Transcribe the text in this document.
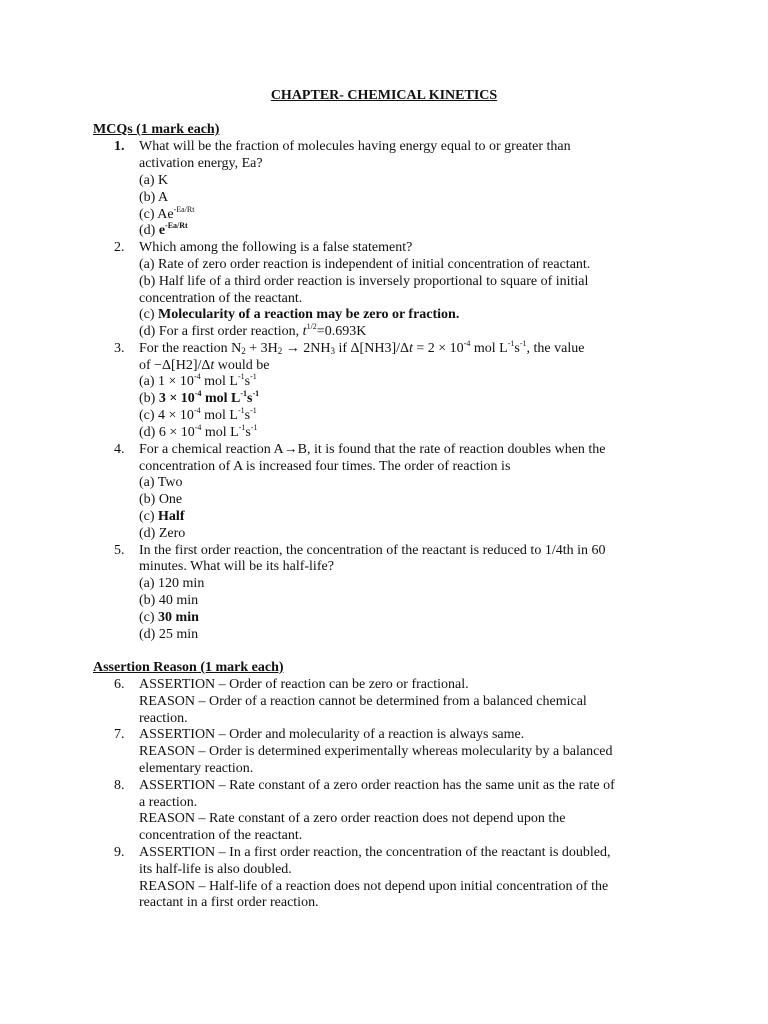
CHAPTER- CHEMICAL KINETICS
MCQs (1 mark each)
1.	What will be the fraction of molecules having energy equal to or greater than
activation energy, Ea?
(a) K
(b) A
(c) $Ae^{-Ea/Rt}$
(d) $e^{-Ea/Rt}$
2.	Which among the following is a false statement?
(a) Rate of zero order reaction is independent of initial concentration of reactant.
(b) Half life of a third order reaction is inversely proportional to square of initial
concentration of the reactant.
(c) Molecularity of a reaction may be zero or fraction.
(d) For a first order reaction, $t^{1/2}=0.693K$
3.	For the reaction $N_2 + 3H_2 \to 2NH_3$ if $\Delta[NH3]/\Delta t = 2 \times 10^{-4}$ mol $L^{-1}s^{-1}$, the value
of −Δ[H2]/Δt would be
(a) $1 \times 10^{-4}$ mol $L^{-1}s^{-1}$
(b) $3 \times 10^{-4}$ mol $L^{-1}s^{-1}$
(c) $4 \times 10^{-4}$ mol $L^{-1}s^{-1}$
(d) $6 \times 10^{-4}$ mol $L^{-1}s^{-1}$
4.	For a chemical reaction A→B, it is found that the rate of reaction doubles when the
concentration of A is increased four times. The order of reaction is
(a) Two
(b) One
(c) Half
(d) Zero
5.	In the first order reaction, the concentration of the reactant is reduced to 1/4th in 60
minutes. What will be its half-life?
(a) 120 min
(b) 40 min
(c) 30 min
(d) 25 min
Assertion Reason (1 mark each)
6.	ASSERTION – Order of reaction can be zero or fractional.
REASON – Order of a reaction cannot be determined from a balanced chemical
reaction.
7.	ASSERTION – Order and molecularity of a reaction is always same.
REASON – Order is determined experimentally whereas molecularity by a balanced
elementary reaction.
8.	ASSERTION – Rate constant of a zero order reaction has the same unit as the rate of
a reaction.
REASON – Rate constant of a zero order reaction does not depend upon the
concentration of the reactant.
9.	ASSERTION – In a first order reaction, the concentration of the reactant is doubled,
its half-life is also doubled.
REASON – Half-life of a reaction does not depend upon initial concentration of the
reactant in a first order reaction.
